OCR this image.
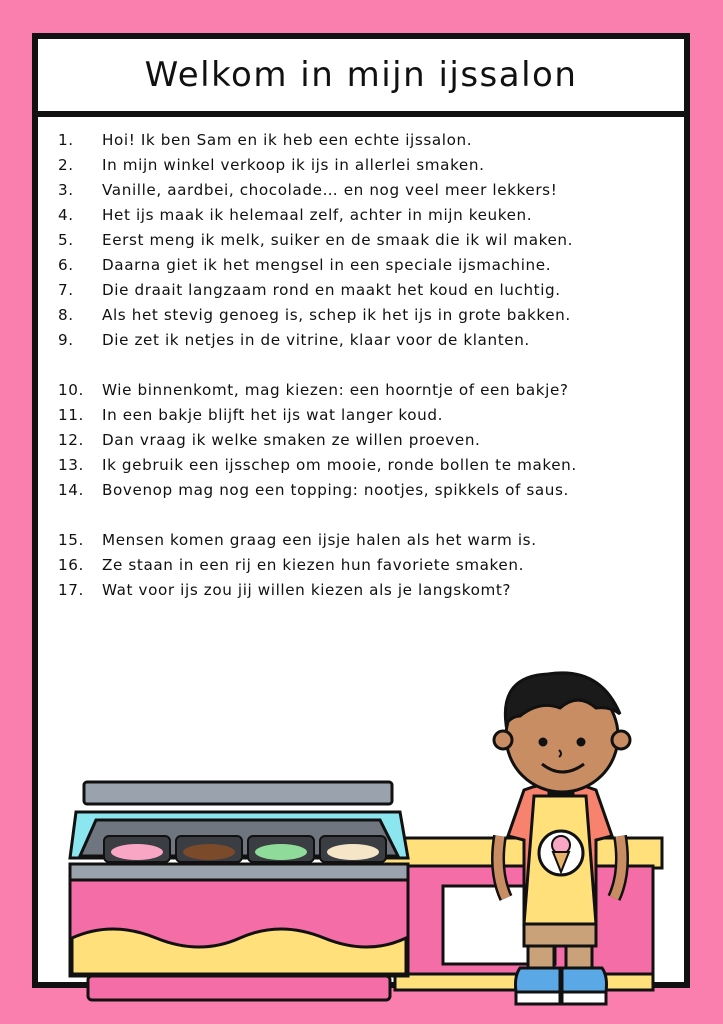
Welkom in mijn ijssalon
1.	Hoi! Ik ben Sam en ik heb een echte ijssalon.
2.	In mijn winkel verkoop ik ijs in allerlei smaken.
3.	Vanille, aardbei, chocolade… en nog veel meer lekkers!
4.	Het ijs maak ik helemaal zelf, achter in mijn keuken.
5.	Eerst meng ik melk, suiker en de smaak die ik wil maken.
6.	Daarna giet ik het mengsel in een speciale ijsmachine.
7.	Die draait langzaam rond en maakt het koud en luchtig.
8.	Als het stevig genoeg is, schep ik het ijs in grote bakken.
9.	Die zet ik netjes in de vitrine, klaar voor de klanten.
10.	Wie binnenkomt, mag kiezen: een hoorntje of een bakje?
11.	In een bakje blijft het ijs wat langer koud.
12.	Dan vraag ik welke smaken ze willen proeven.
13.	Ik gebruik een ijsschep om mooie, ronde bollen te maken.
14.	Bovenop mag nog een topping: nootjes, spikkels of saus.
15.	Mensen komen graag een ijsje halen als het warm is.
16.	Ze staan in een rij en kiezen hun favoriete smaken.
17.	Wat voor ijs zou jij willen kiezen als je langskomt?
